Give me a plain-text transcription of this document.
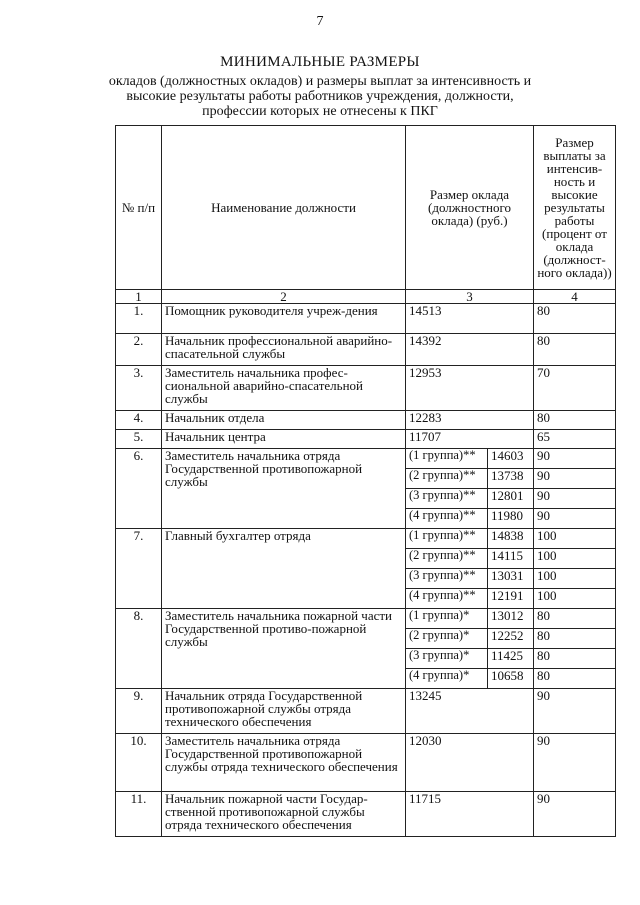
7
МИНИМАЛЬНЫЕ РАЗМЕРЫ
окладов (должностных окладов) и размеры выплат за интенсивность и высокие результаты работы работников учреждения, должности, профессии которых не отнесены к ПКГ
№ п/п	Наименование должности	Размер оклада (должностного оклада) (руб.)		Размер выплаты за интенсив-ность и высокие результаты работы (процент от оклада (должност-ного оклада))
1	2	3		4
1.	Помощник руководителя учреж-дения	14513		80
2.	Начальник профессиональной аварийно-спасательной службы	14392		80
3.	Заместитель начальника профес-сиональной аварийно-спасательной службы	12953		70
4.	Начальник отдела	12283		80
5.	Начальник центра	11707		65
6.	Заместитель начальника отряда Государственной противопожарной службы	(1 группа)**	14603	90
		(2 группа)**	13738	90
		(3 группа)**	12801	90
		(4 группа)**	11980	90
7.	Главный бухгалтер отряда	(1 группа)**	14838	100
		(2 группа)**	14115	100
		(3 группа)**	13031	100
		(4 группа)**	12191	100
8.	Заместитель начальника пожарной части Государственной противо-пожарной службы	(1 группа)*	13012	80
		(2 группа)*	12252	80
		(3 группа)*	11425	80
		(4 группа)*	10658	80
9.	Начальник отряда Государственной противопожарной службы отряда технического обеспечения	13245		90
10.	Заместитель начальника отряда Государственной противопожарной службы отряда технического обеспечения	12030		90
11.	Начальник пожарной части Государ-ственной противопожарной службы отряда технического обеспечения	11715		90
